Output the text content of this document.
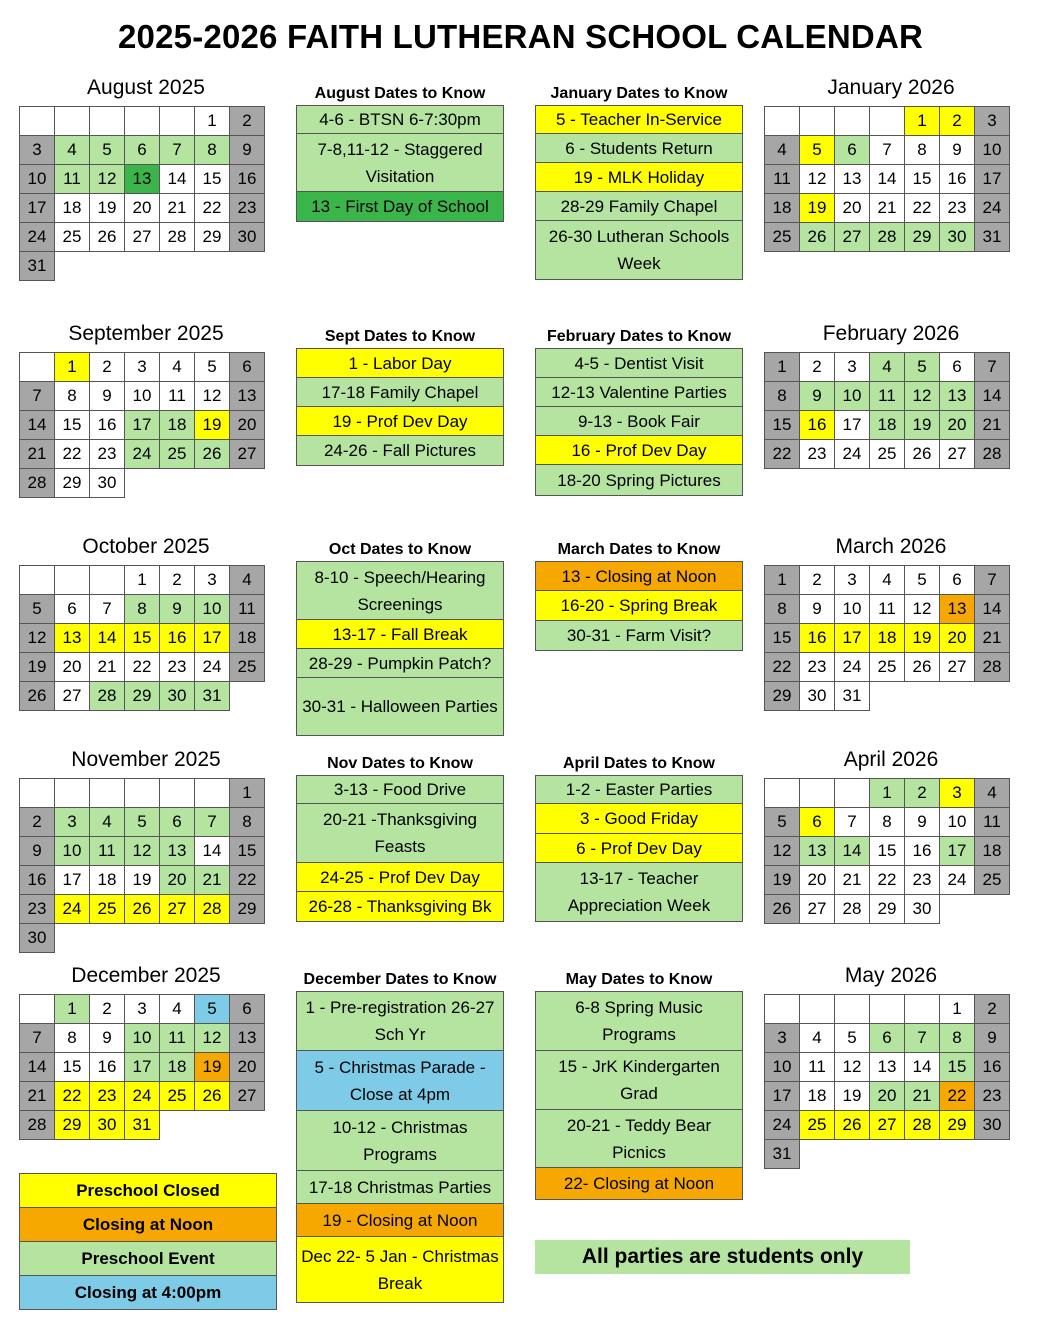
2025-2026 FAITH LUTHERAN SCHOOL CALENDAR
August 2025
					1	2
3	4	5	6	7	8	9
10	11	12	13	14	15	16
17	18	19	20	21	22	23
24	25	26	27	28	29	30
31						
September 2025
	1	2	3	4	5	6
7	8	9	10	11	12	13
14	15	16	17	18	19	20
21	22	23	24	25	26	27
28	29	30				
October 2025
			1	2	3	4
5	6	7	8	9	10	11
12	13	14	15	16	17	18
19	20	21	22	23	24	25
26	27	28	29	30	31	
November 2025
						1
2	3	4	5	6	7	8
9	10	11	12	13	14	15
16	17	18	19	20	21	22
23	24	25	26	27	28	29
30						
December 2025
	1	2	3	4	5	6
7	8	9	10	11	12	13
14	15	16	17	18	19	20
21	22	23	24	25	26	27
28	29	30	31			
January 2026
				1	2	3
4	5	6	7	8	9	10
11	12	13	14	15	16	17
18	19	20	21	22	23	24
25	26	27	28	29	30	31
February 2026
1	2	3	4	5	6	7
8	9	10	11	12	13	14
15	16	17	18	19	20	21
22	23	24	25	26	27	28
March 2026
1	2	3	4	5	6	7
8	9	10	11	12	13	14
15	16	17	18	19	20	21
22	23	24	25	26	27	28
29	30	31				
April 2026
			1	2	3	4
5	6	7	8	9	10	11
12	13	14	15	16	17	18
19	20	21	22	23	24	25
26	27	28	29	30		
May 2026
					1	2
3	4	5	6	7	8	9
10	11	12	13	14	15	16
17	18	19	20	21	22	23
24	25	26	27	28	29	30
31						
August Dates to Know
4-6 - BTSN 6-7:30pm
7-8,11-12 - Staggered Visitation
13 - First Day of School
Sept Dates to Know
1 - Labor Day
17-18 Family Chapel
19 - Prof Dev Day
24-26 - Fall Pictures
Oct Dates to Know
8-10 - Speech/Hearing Screenings
13-17 - Fall Break
28-29 - Pumpkin Patch?
30-31 - Halloween Parties
Nov Dates to Know
3-13 - Food Drive
20-21 -Thanksgiving Feasts
24-25 - Prof Dev Day
26-28 - Thanksgiving Bk
December Dates to Know
1 - Pre-registration 26-27 Sch Yr
5 - Christmas Parade - Close at 4pm
10-12 - Christmas Programs
17-18 Christmas Parties
19 - Closing at Noon
Dec 22- 5 Jan - Christmas Break
January Dates to Know
5 - Teacher In-Service
6 - Students Return
19 - MLK Holiday
28-29 Family Chapel
26-30 Lutheran Schools Week
February Dates to Know
4-5 - Dentist Visit
12-13 Valentine Parties
9-13 - Book Fair
16 - Prof Dev Day
18-20 Spring Pictures
March Dates to Know
13 - Closing at Noon
16-20 - Spring Break
30-31 - Farm Visit?
April Dates to Know
1-2 - Easter Parties
3 - Good Friday
6 - Prof Dev Day
13-17 - Teacher Appreciation Week
May Dates to Know
6-8 Spring Music Programs
15 - JrK Kindergarten Grad
20-21 - Teddy Bear Picnics
22- Closing at Noon
Preschool Closed
Closing at Noon
Preschool Event
Closing at 4:00pm
All parties are students only
